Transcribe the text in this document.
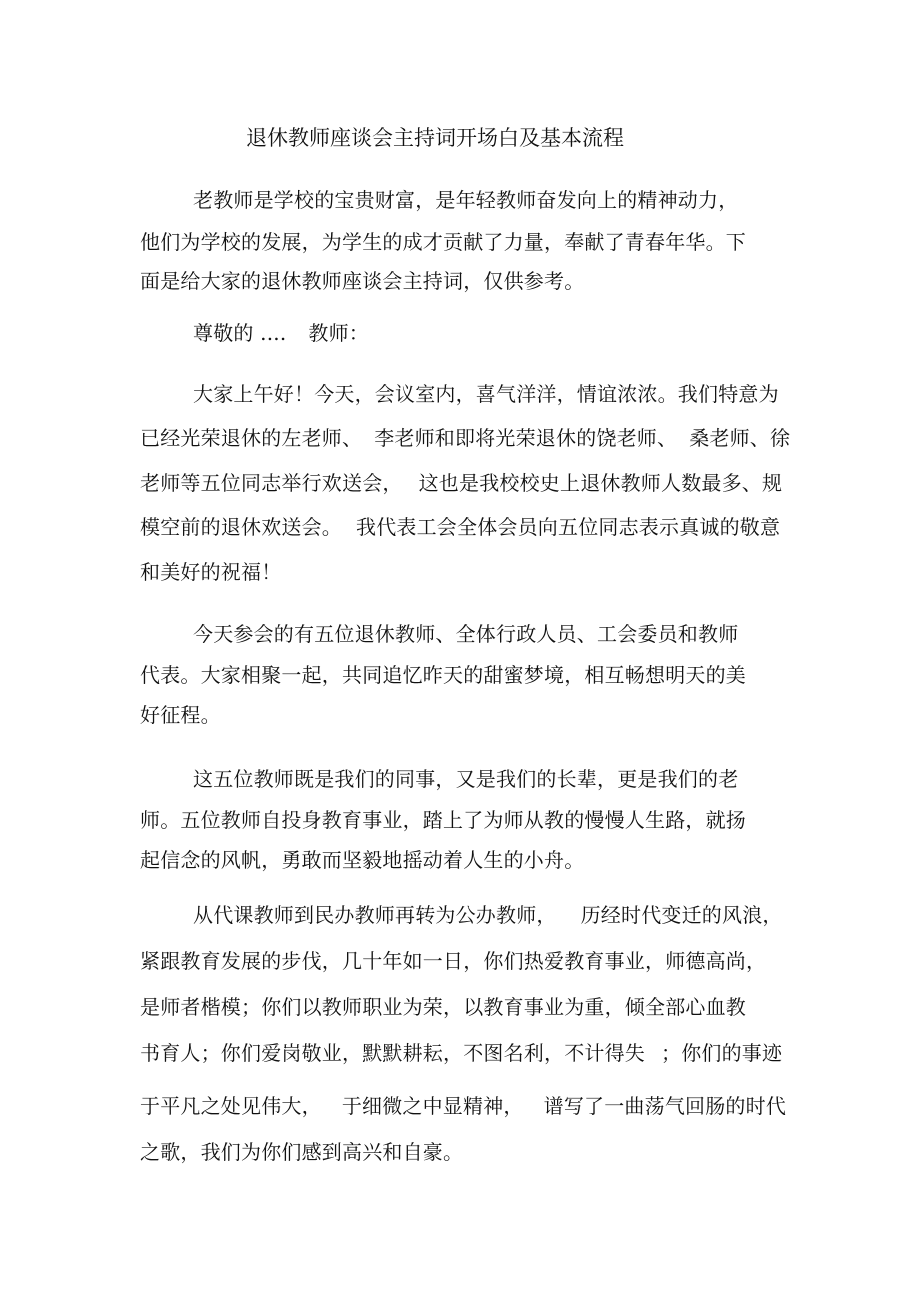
退休教师座谈会主持词开场白及基本流程
老教师是学校的宝贵财富，是年轻教师奋发向上的精神动力，
他们为学校的发展，为学生的成才贡献了力量，奉献了青春年华。下
面是给大家的退休教师座谈会主持词，仅供参考。
尊敬的 .... 教师：
大家上午好！今天，会议室内，喜气洋洋，情谊浓浓。我们特意为
已经光荣退休的左老师、 李老师和即将光荣退休的饶老师、 桑老师、徐
老师等五位同志举行欢送会， 这也是我校校史上退休教师人数最多、规
模空前的退休欢送会。 我代表工会全体会员向五位同志表示真诚的敬意
和美好的祝福！
今天参会的有五位退休教师、全体行政人员、工会委员和教师
代表。大家相聚一起，共同追忆昨天的甜蜜梦境，相互畅想明天的美
好征程。
这五位教师既是我们的同事，又是我们的长辈，更是我们的老
师。五位教师自投身教育事业，踏上了为师从教的慢慢人生路，就扬
起信念的风帆，勇敢而坚毅地摇动着人生的小舟。
从代课教师到民办教师再转为公办教师， 历经时代变迁的风浪，
紧跟教育发展的步伐，几十年如一日，你们热爱教育事业，师德高尚，
是师者楷模；你们以教师职业为荣，以教育事业为重，倾全部心血教
书育人；你们爱岗敬业，默默耕耘，不图名利，不计得失 ；你们的事迹
于平凡之处见伟大， 于细微之中显精神， 谱写了一曲荡气回肠的时代
之歌，我们为你们感到高兴和自豪。
